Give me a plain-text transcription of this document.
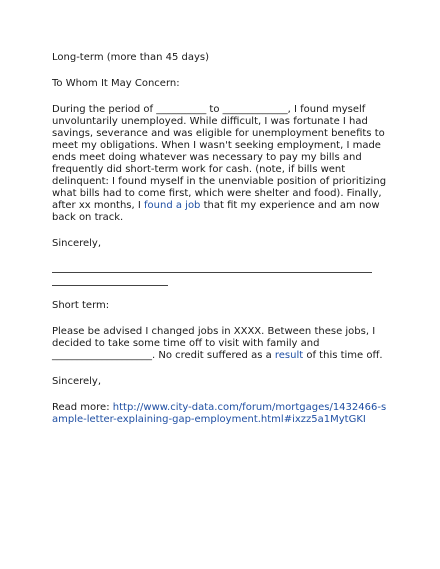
Long-term (more than 45 days)

To Whom It May Concern:

During the period of __________ to _____________, I found myself unvoluntarily unemployed. While difficult, I was fortunate I had savings, severance and was eligible for unemployment benefits to meet my obligations. When I wasn't seeking employment, I made ends meet doing whatever was necessary to pay my bills and frequently did short-term work for cash. (note, if bills went delinquent: I found myself in the unenviable position of prioritizing what bills had to come first, which were shelter and food). Finally, after xx months, I found a job that fit my experience and am now back on track.

Sincerely,

Short term:

Please be advised I changed jobs in XXXX. Between these jobs, I decided to take some time off to visit with family and ____________________. No credit suffered as a result of this time off.

Sincerely,

Read more: http://www.city-data.com/forum/mortgages/1432466-sample-letter-explaining-gap-employment.html#ixzz5a1MytGKI
